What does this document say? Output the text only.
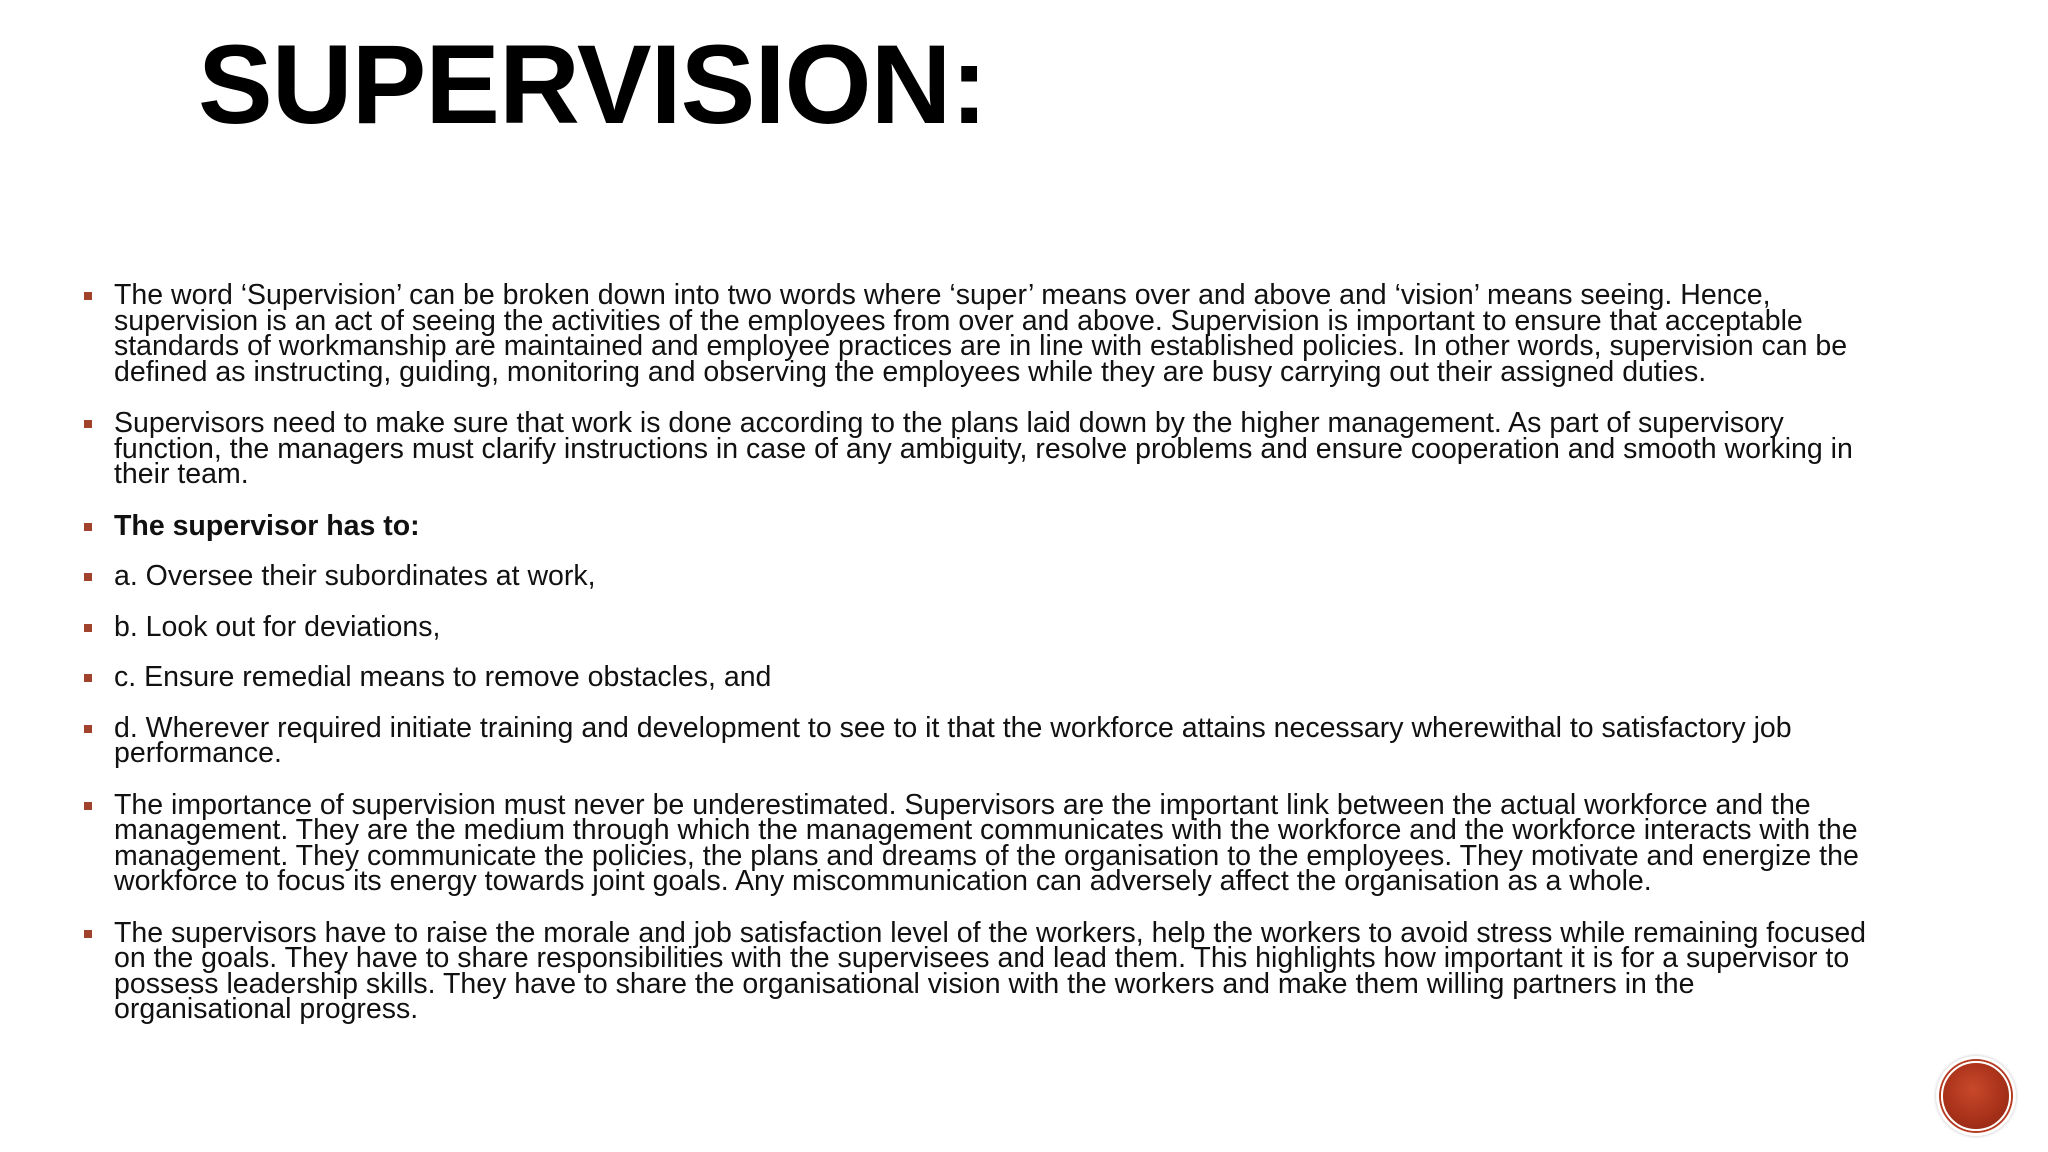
SUPERVISION:
The word ‘Supervision’ can be broken down into two words where ‘super’ means over and above and ‘vision’ means seeing. Hence, supervision is an act of seeing the activities of the employees from over and above. Supervision is important to ensure that acceptable standards of workmanship are maintained and employee practices are in line with established policies. In other words, supervision can be defined as instructing, guiding, monitoring and observing the employees while they are busy carrying out their assigned duties.
Supervisors need to make sure that work is done according to the plans laid down by the higher management. As part of supervisory function, the managers must clarify instructions in case of any ambiguity, resolve problems and ensure cooperation and smooth working in their team.
The supervisor has to:
a. Oversee their subordinates at work,
b. Look out for deviations,
c. Ensure remedial means to remove obstacles, and
d. Wherever required initiate training and development to see to it that the workforce attains necessary wherewithal to satisfactory job performance.
The importance of supervision must never be underestimated. Supervisors are the important link between the actual workforce and the management. They are the medium through which the management communicates with the workforce and the workforce interacts with the management. They communicate the policies, the plans and dreams of the organisation to the employees. They motivate and energize the workforce to focus its energy towards joint goals. Any miscommunication can adversely affect the organisation as a whole.
The supervisors have to raise the morale and job satisfaction level of the workers, help the workers to avoid stress while remaining focused on the goals. They have to share responsibilities with the supervisees and lead them. This highlights how important it is for a supervisor to possess leadership skills. They have to share the organisational vision with the workers and make them willing partners in the organisational progress.
